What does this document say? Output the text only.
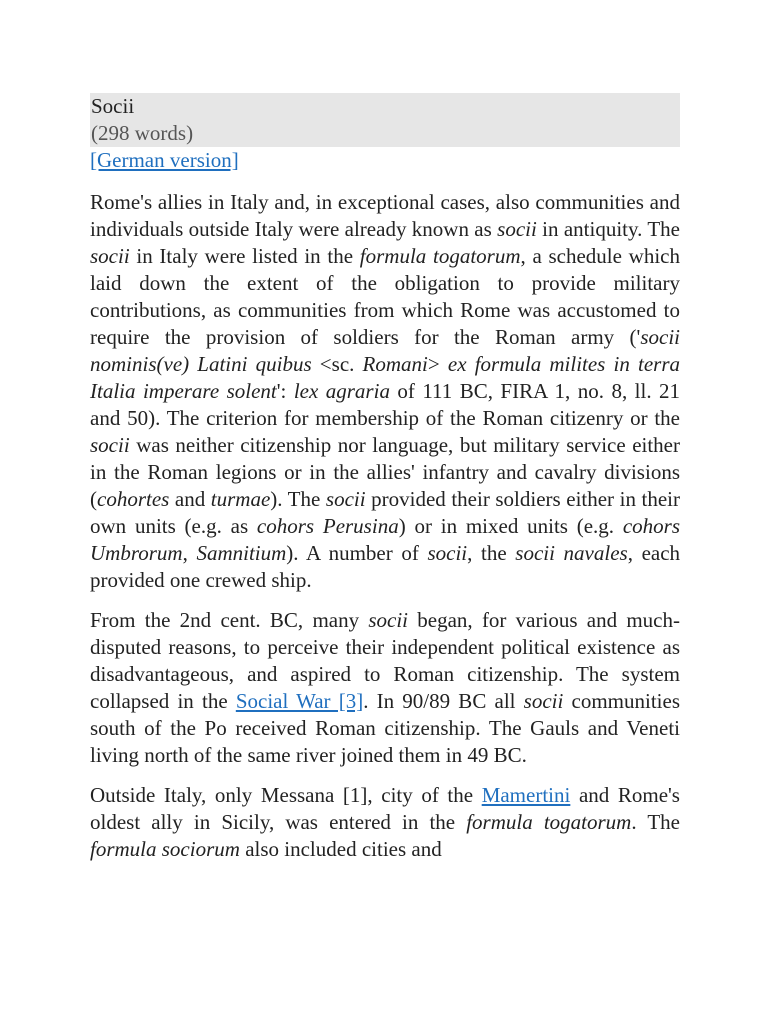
Socii
(298 words)
[German version]

Rome's allies in Italy and, in exceptional cases, also communities and individuals outside Italy were already known as socii in antiquity. The socii in Italy were listed in the formula togatorum, a schedule which laid down the extent of the obligation to provide military contributions, as communities from which Rome was accustomed to require the provision of soldiers for the Roman army ('socii nominis(ve) Latini quibus <sc. Romani> ex formula milites in terra Italia imperare solent': lex agraria of 111 BC, FIRA 1, no. 8, ll. 21 and 50). The criterion for membership of the Roman citizenry or the socii was neither citizenship nor language, but military service either in the Roman legions or in the allies' infantry and cavalry divisions (cohortes and turmae). The socii provided their soldiers either in their own units (e.g. as cohors Perusina) or in mixed units (e.g. cohors Umbrorum, Samnitium). A number of socii, the socii navales, each provided one crewed ship.

From the 2nd cent. BC, many socii began, for various and much-disputed reasons, to perceive their independent political existence as disadvantageous, and aspired to Roman citizenship. The system collapsed in the Social War [3]. In 90/89 BC all socii communities south of the Po received Roman citizenship. The Gauls and Veneti living north of the same river joined them in 49 BC.

Outside Italy, only Messana [1], city of the Mamertini and Rome's oldest ally in Sicily, was entered in the formula togatorum. The formula sociorum also included cities and
